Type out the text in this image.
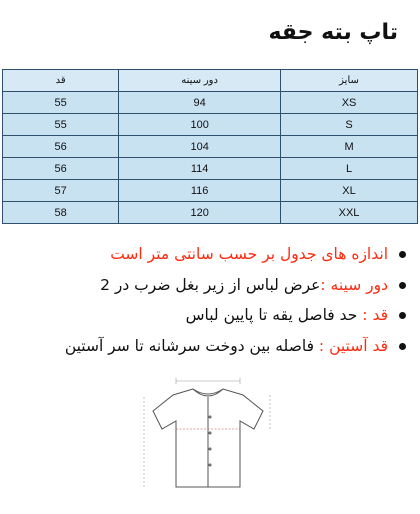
تاپ بته جقه
سایز	دور سینه	قد
XS	94	55
S	100	55
M	104	56
L	114	56
XL	116	57
XXL	120	58
اندازه های جدول بر حسب سانتی متر است
دور سینه :عرض لباس از زیر بغل ضرب در 2
قد : حد فاصل یقه تا پایین لباس
قد آستین : فاصله بین دوخت سرشانه تا سر آستین
